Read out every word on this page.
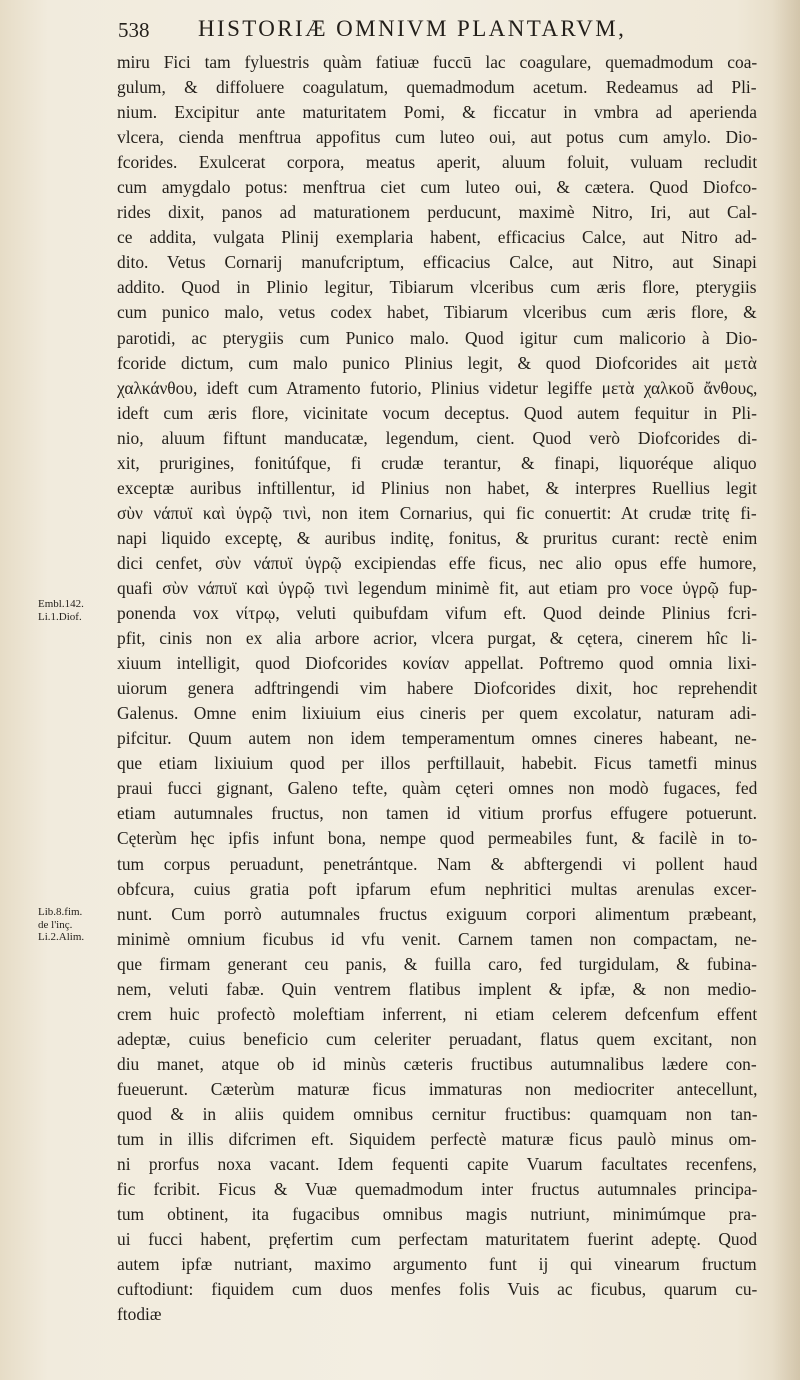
538 HISTORIÆ OMNIVM PLANTARVM,
Embl.142.
Li.1.Diof.
Lib.8.fim.
de l'inç.
Li.2.Alim.
miru Fici tam fyluestris quàm fatiuæ fuccū lac coagulare, quemadmodum coa-
gulum, & diffoluere coagulatum, quemadmodum acetum. Redeamus ad Pli-
nium. Excipitur ante maturitatem Pomi, & ficcatur in vmbra ad aperienda
vlcera, cienda menftrua appofitus cum luteo oui, aut potus cum amylo. Dio-
fcorides. Exulcerat corpora, meatus aperit, aluum foluit, vuluam recludit
cum amygdalo potus: menftrua ciet cum luteo oui, & cætera. Quod Diofco-
rides dixit, panos ad maturationem perducunt, maximè Nitro, Iri, aut Cal-
ce addita, vulgata Plinij exemplaria habent, efficacius Calce, aut Nitro ad-
dito. Vetus Cornarij manufcriptum, efficacius Calce, aut Nitro, aut Sinapi
addito. Quod in Plinio legitur, Tibiarum vlceribus cum æris flore, pterygiis
cum punico malo, vetus codex habet, Tibiarum vlceribus cum æris flore, &
parotidi, ac pterygiis cum Punico malo. Quod igitur cum malicorio à Dio-
fcoride dictum, cum malo punico Plinius legit, & quod Diofcorides ait μετὰ
χαλκάνθου, ideft cum Atramento futorio, Plinius videtur legiffe μετὰ χαλκοῦ ἄνθους,
ideft cum æris flore, vicinitate vocum deceptus. Quod autem fequitur in Pli-
nio, aluum fiftunt manducatæ, legendum, cient. Quod verò Diofcorides di-
xit, prurigines, fonitúfque, fi crudæ terantur, & finapi, liquoréque aliquo
exceptæ auribus inftillentur, id Plinius non habet, & interpres Ruellius legit
σὺν νάπυϊ καὶ ὑγρῷ τινὶ, non item Cornarius, qui fic conuertit: At crudæ tritę fi-
napi liquido exceptę, & auribus inditę, fonitus, & pruritus curant: rectè enim
dici cenfet, σὺν νάπυϊ ὑγρῷ excipiendas effe ficus, nec alio opus effe humore,
quafi σὺν νάπυϊ καὶ ὑγρῷ τινὶ legendum minimè fit, aut etiam pro voce ὑγρῷ fup-
ponenda vox νίτρῳ, veluti quibufdam vifum eft. Quod deinde Plinius fcri-
pfit, cinis non ex alia arbore acrior, vlcera purgat, & cętera, cinerem hîc li-
xiuum intelligit, quod Diofcorides κονίαν appellat. Poftremo quod omnia lixi-
uiorum genera adftringendi vim habere Diofcorides dixit, hoc reprehendit
Galenus. Omne enim lixiuium eius cineris per quem excolatur, naturam adi-
pifcitur. Quum autem non idem temperamentum omnes cineres habeant, ne-
que etiam lixiuium quod per illos perftillauit, habebit. Ficus tametfi minus
praui fucci gignant, Galeno tefte, quàm cęteri omnes non modò fugaces, fed
etiam autumnales fructus, non tamen id vitium prorfus effugere potuerunt.
Cęterùm hęc ipfis infunt bona, nempe quod permeabiles funt, & facilè in to-
tum corpus peruadunt, penetrántque. Nam & abftergendi vi pollent haud
obfcura, cuius gratia poft ipfarum efum nephritici multas arenulas excer-
nunt. Cum porrò autumnales fructus exiguum corpori alimentum præbeant,
minimè omnium ficubus id vfu venit. Carnem tamen non compactam, ne-
que firmam generant ceu panis, & fuilla caro, fed turgidulam, & fubina-
nem, veluti fabæ. Quin ventrem flatibus implent & ipfæ, & non medio-
crem huic profectò moleftiam inferrent, ni etiam celerem defcenfum effent
adeptæ, cuius beneficio cum celeriter peruadant, flatus quem excitant, non
diu manet, atque ob id minùs cæteris fructibus autumnalibus lædere con-
fueuerunt. Cæterùm maturæ ficus immaturas non mediocriter antecellunt,
quod & in aliis quidem omnibus cernitur fructibus: quamquam non tan-
tum in illis difcrimen eft. Siquidem perfectè maturæ ficus paulò minus om-
ni prorfus noxa vacant. Idem fequenti capite Vuarum facultates recenfens,
fic fcribit. Ficus & Vuæ quemadmodum inter fructus autumnales principa-
tum obtinent, ita fugacibus omnibus magis nutriunt, minimúmque pra-
ui fucci habent, pręfertim cum perfectam maturitatem fuerint adeptę. Quod
autem ipfæ nutriant, maximo argumento funt ij qui vinearum fructum
cuftodiunt: fiquidem cum duos menfes folis Vuis ac ficubus, quarum cu-
ftodiæ
